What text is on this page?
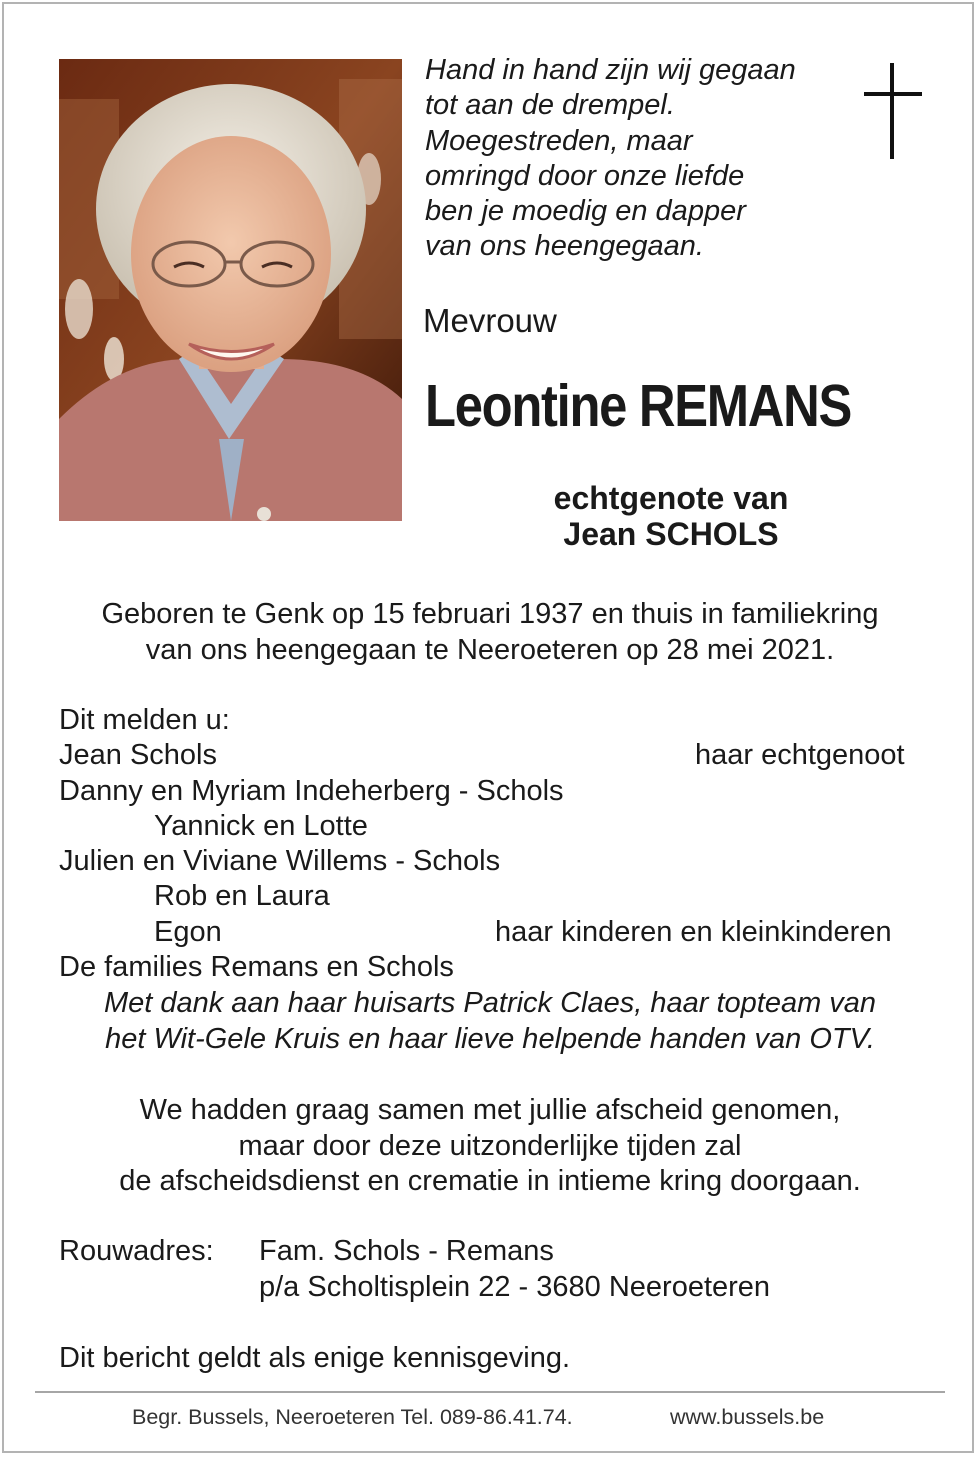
Hand in hand zijn wij gegaan
tot aan de drempel.
Moegestreden, maar
omringd door onze liefde
ben je moedig en dapper
van ons heengegaan.
Mevrouw
Leontine REMANS
echtgenote van
Jean SCHOLS
Geboren te Genk op 15 februari 1937 en thuis in familiekring
van ons heengegaan te Neeroeteren op 28 mei 2021.
Dit melden u:
Jean Schols	haar echtgenoot
Danny en Myriam Indeherberg - Schols
Yannick en Lotte
Julien en Viviane Willems - Schols
Rob en Laura
Egon	haar kinderen en kleinkinderen
De families Remans en Schols
Met dank aan haar huisarts Patrick Claes, haar topteam van
het Wit-Gele Kruis en haar lieve helpende handen van OTV.
We hadden graag samen met jullie afscheid genomen,
maar door deze uitzonderlijke tijden zal
de afscheidsdienst en crematie in intieme kring doorgaan.
Rouwadres: Fam. Schols - Remans
p/a Scholtisplein 22 - 3680 Neeroeteren
Dit bericht geldt als enige kennisgeving.
Begr. Bussels, Neeroeteren Tel. 089-86.41.74.	www.bussels.be
